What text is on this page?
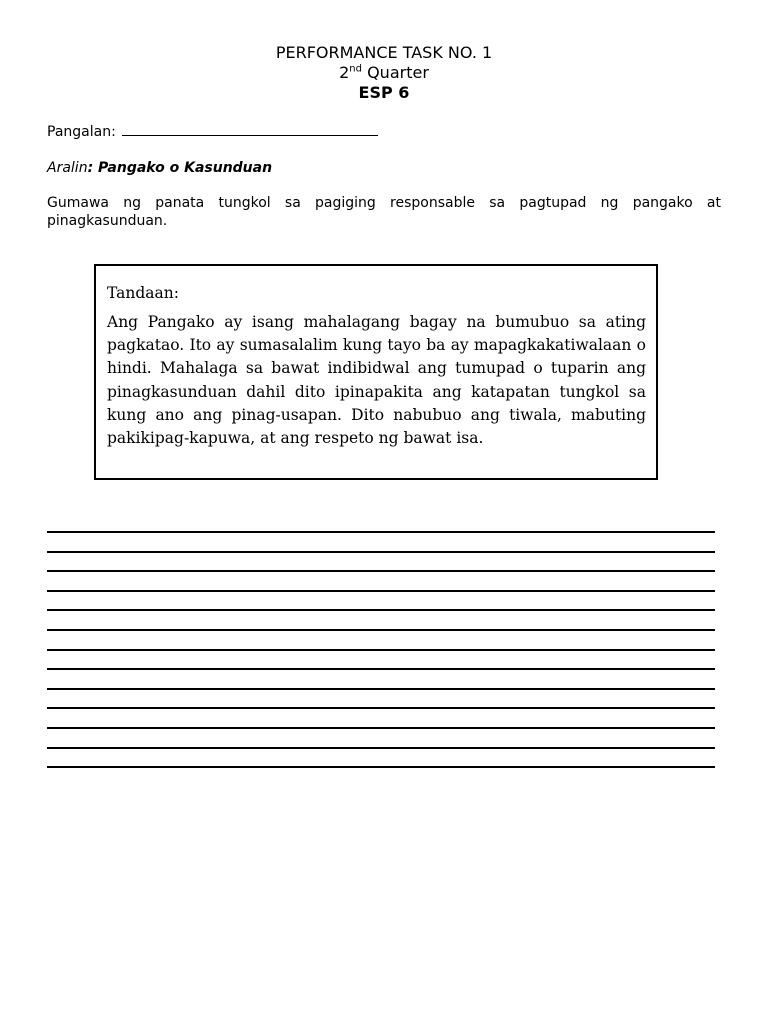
PERFORMANCE TASK NO. 1
2nd Quarter
ESP 6
Pangalan:
Aralin: Pangako o Kasunduan
Gumawa ng panata tungkol sa pagiging responsable sa pagtupad ng pangako at pinagkasunduan.
Tandaan:
Ang Pangako ay isang mahalagang bagay na bumubuo sa ating pagkatao. Ito ay sumasalalim kung tayo ba ay mapagkakatiwalaan o hindi. Mahalaga sa bawat indibidwal ang tumupad o tuparin ang pinagkasunduan dahil dito ipinapakita ang katapatan tungkol sa kung ano ang pinag-usapan. Dito nabubuo ang tiwala, mabuting pakikipag-kapuwa, at ang respeto ng bawat isa.
